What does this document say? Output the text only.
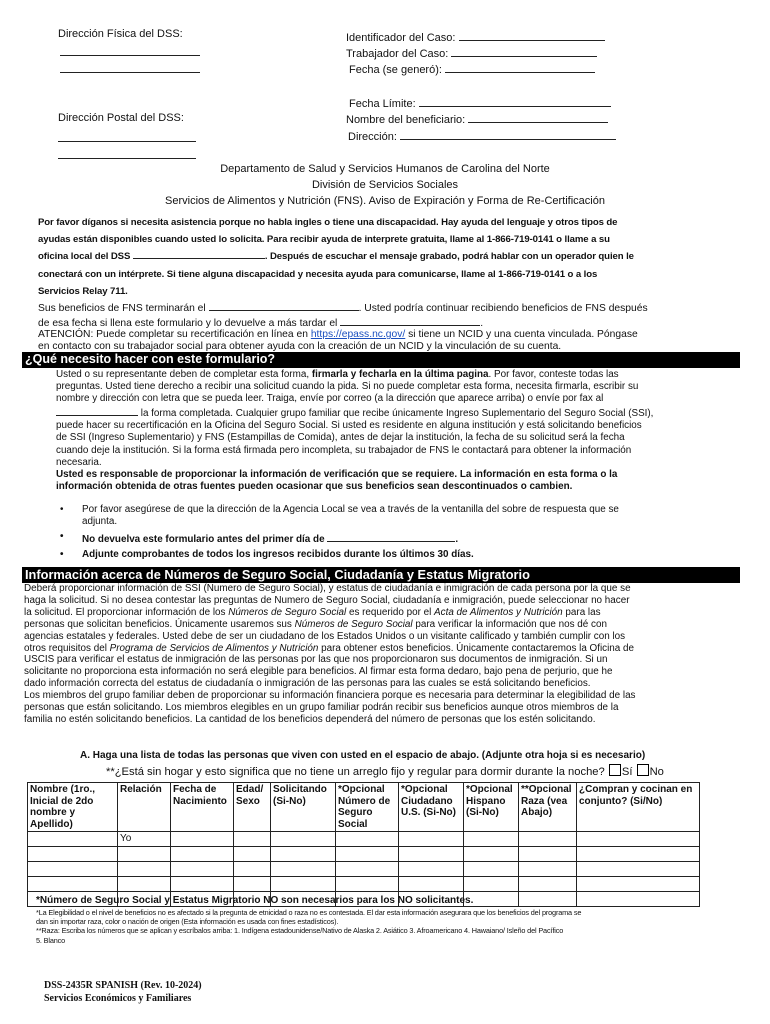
Dirección Física del DSS:
Dirección Postal del DSS:
Identificador del Caso:
Trabajador del Caso:
Fecha (se generó):
Fecha Límite:
Nombre del beneficiario:
Dirección:
Departamento de Salud y Servicios Humanos de Carolina del Norte
División de Servicios Sociales
Servicios de Alimentos y Nutrición (FNS). Aviso de Expiración y Forma de Re-Certificación
Por favor díganos si necesita asistencia porque no habla ingles o tiene una discapacidad. Hay ayuda del lenguaje y otros tipos de
ayudas están disponibles cuando usted lo solicita. Para recibir ayuda de interprete gratuita, llame al 1-866-719-0141 o llame a su
oficina local del DSS	. Después de escuchar el mensaje grabado, podrá hablar con un operador quien le
conectará con un intérprete. Si tiene alguna discapacidad y necesita ayuda para comunicarse, llame al 1-866-719-0141 o a los
Servicios Relay 711.
Sus beneficios de FNS terminarán el	. Usted podría continuar recibiendo beneficios de FNS después
de esa fecha si llena este formulario y lo devuelve a más tardar el	.
ATENCIÓN: Puede completar su recertificación en línea en https://epass.nc.gov/ si tiene un NCID y una cuenta vinculada. Póngase
en contacto con su trabajador social para obtener ayuda con la creación de un NCID y la vinculación de su cuenta.
¿Qué necesito hacer con este formulario?
Usted o su representante deben de completar esta forma, firmarla y fecharla en la última pagina. Por favor, conteste todas las
preguntas. Usted tiene derecho a recibir una solicitud cuando la pida. Si no puede completar esta forma, necesita firmarla, escribir su
nombre y dirección con letra que se pueda leer. Traiga, envíe por correo (a la dirección que aparece arriba) o envíe por fax al
la forma completada. Cualquier grupo familiar que recibe únicamente Ingreso Suplementario del Seguro Social (SSI),
puede hacer su recertificación en la Oficina del Seguro Social. Si usted es residente en alguna institución y está solicitando beneficios
de SSI (Ingreso Suplementario) y FNS (Estampillas de Comida), antes de dejar la institución, la fecha de su solicitud será la fecha
cuando deje la institución. Si la forma está firmada pero incompleta, su trabajador de FNS le contactará para obtener la información
necesaria.
Usted es responsable de proporcionar la información de verificación que se requiere. La información en esta forma o la
información obtenida de otras fuentes pueden ocasionar que sus beneficios sean descontinuados o cambien.
• Por favor asegúrese de que la dirección de la Agencia Local se vea a través de la ventanilla del sobre de respuesta que se
adjunta.
• No devuelva este formulario antes del primer día de	.
• Adjunte comprobantes de todos los ingresos recibidos durante los últimos 30 días.
Información acerca de Números de Seguro Social, Ciudadanía y Estatus Migratorio
Deberá proporcionar información de SSI (Numero de Seguro Social), y estatus de ciudadanía e inmigración de cada persona por la que se
haga la solicitud. Si no desea contestar las preguntas de Numero de Seguro Social, ciudadanía e inmigración, puede seleccionar no hacer
la solicitud. El proporcionar información de los Números de Seguro Social es requerido por el Acta de Alimentos y Nutrición para las
personas que solicitan beneficios. Únicamente usaremos sus Números de Seguro Social para verificar la información que nos dé con
agencias estatales y federales. Usted debe de ser un ciudadano de los Estados Unidos o un visitante calificado y también cumplir con los
otros requisitos del Programa de Servicios de Alimentos y Nutrición para obtener estos beneficios. Únicamente contactaremos la Oficina de
USCIS para verificar el estatus de inmigración de las personas por las que nos proporcionaron sus documentos de inmigración. Si un
solicitante no proporciona esta información no será elegible para beneficios. Al firmar esta forma dedaro, bajo pena de perjurio, que he
dado información correcta del estatus de ciudadanía o inmigración de las personas para las cuales se está solicitando beneficios.
Los miembros del grupo familiar deben de proporcionar su información financiera porque es necesaria para determinar la elegibilidad de las
personas que están solicitando. Los miembros elegibles en un grupo familiar podrán recibir sus beneficios aunque otros miembros de la
familia no estén solicitando beneficios. La cantidad de los beneficios dependerá del número de personas que los estén solicitando.
A. Haga una lista de todas las personas que viven con usted en el espacio de abajo. (Adjunte otra hoja si es necesario)
**¿Está sin hogar y esto significa que no tiene un arreglo fijo y regular para dormir durante la noche? Sí No
Nombre (1ro., Inicial de 2do nombre y Apellido)	Relación	Fecha de Nacimiento	Edad/ Sexo	Solicitando (Si-No)	*Opcional Número de Seguro Social	*Opcional Ciudadano U.S. (Si-No)	*Opcional Hispano (Si-No)	**Opcional Raza (vea Abajo)	¿Compran y cocinan en conjunto? (Si/No)
	Yo								

*Número de Seguro Social y Estatus Migratorio NO son necesarios para los NO solicitantes.
*La Elegibilidad o el nivel de beneficios no es afectado si la pregunta de etnicidad o raza no es contestada. El dar esta información asegurara que los beneficios del programa se
dan sin importar raza, color o nación de origen (Esta información es usada con fines estadísticos).
**Raza: Escriba los números que se aplican y escríbalos arriba: 1. Indígena estadounidense/Nativo de Alaska 2. Asiático 3. Afroamericano 4. Hawaiano/ Isleño del Pacífico
5. Blanco
DSS-2435R SPANISH (Rev. 10-2024)
Servicios Económicos y Familiares
